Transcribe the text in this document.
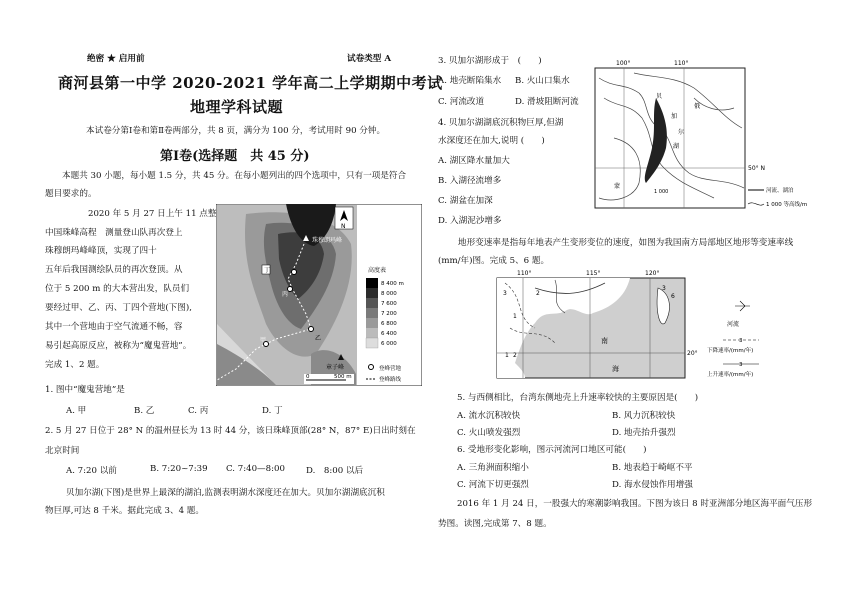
绝密 ★ 启用前	试卷类型 A
商河县第一中学 2020-2021 学年高二上学期期中考试
地理学科试题
本试卷分第Ⅰ卷和第Ⅱ卷两部分，共 8 页，满分为 100 分，考试用时 90 分钟。
第Ⅰ卷(选择题　共 45 分)
本题共 30 小题，每小题 1.5 分，共 45 分。在每小题列出的四个选项中，只有一项是符合
题目要求的。
2020 年 5 月 27 日上午 11 点整
中国珠峰高程　测量登山队再次登上
珠穆朗玛峰峰顶，实现了四十
五年后我国测绘队员的再次登顶。从
位于 5 200 m 的大本营出发，队员们
要经过甲、乙、丙、丁四个营地(下图),
其中一个营地由于空气流通不畅，容
易引起高原反应，被称为“魔鬼营地”。
完成 1、2 题。
珠穆朗玛峰
章子峰
丁
丙
甲	乙
N
0	500 m
高度表
8 400 m
8 000
7 600
7 200
6 800
6 400
6 000
登峰营地
登峰路线
1. 图中“魔鬼营地”是
A. 甲	B. 乙	C. 丙	D. 丁
2. 5 月 27 日位于 28° N 的温州昼长为 13 时 44 分，该日珠峰顶部(28° N，87° E)日出时刻在
北京时间
A. 7:20 以前	B. 7:20~7:39 C. 7:40—8:00 D.　8:00 以后
贝加尔湖(下图)是世界上最深的湖泊,监测表明湖水深度还在加大。贝加尔湖湖底沉积
物巨厚,可达 8 千米。据此完成 3、4 题。
3. 贝加尔湖形成于　(　　)
A. 地壳断陷集水 B. 火山口集水
C. 河流改道	D. 滑坡阻断河流
4. 贝加尔湖湖底沉积物巨厚,但湖
水深度还在加大,说明 (　　)
A. 湖区降水量加大
B. 入湖径流增多
C. 湖盆在加深
D. 入湖泥沙增多
100°	110°
贝
加
尔
湖
俄
蒙
1 000
50° N
河流、湖泊
1 000 等高线/m
地形变速率是指每年地表产生变形变位的速度，如图为我国南方局部地区地形等变速率线
(mm/年)图。完成 5、6 题。
110°	115°	120°
3	2
1
1 2
3
6
南
海
20°
河流
3
下降速率/(mm/年)
3
上升速率/(mm/年)
5. 与西侧相比，台湾东侧地壳上升速率较快的主要原因是(　　)
A. 流水沉积较快	B. 风力沉积较快
C. 火山喷发强烈	D. 地壳抬升强烈
6. 受地形变化影响，图示河流河口地区可能(　　)
A. 三角洲面积缩小	B. 地表趋于崎岖不平
C. 河流下切更强烈	D. 海水侵蚀作用增强
2016 年 1 月 24 日，一股强大的寒潮影响我国。下图为该日 8 时亚洲部分地区海平面气压形
势图。读图,完成第 7、8 题。
